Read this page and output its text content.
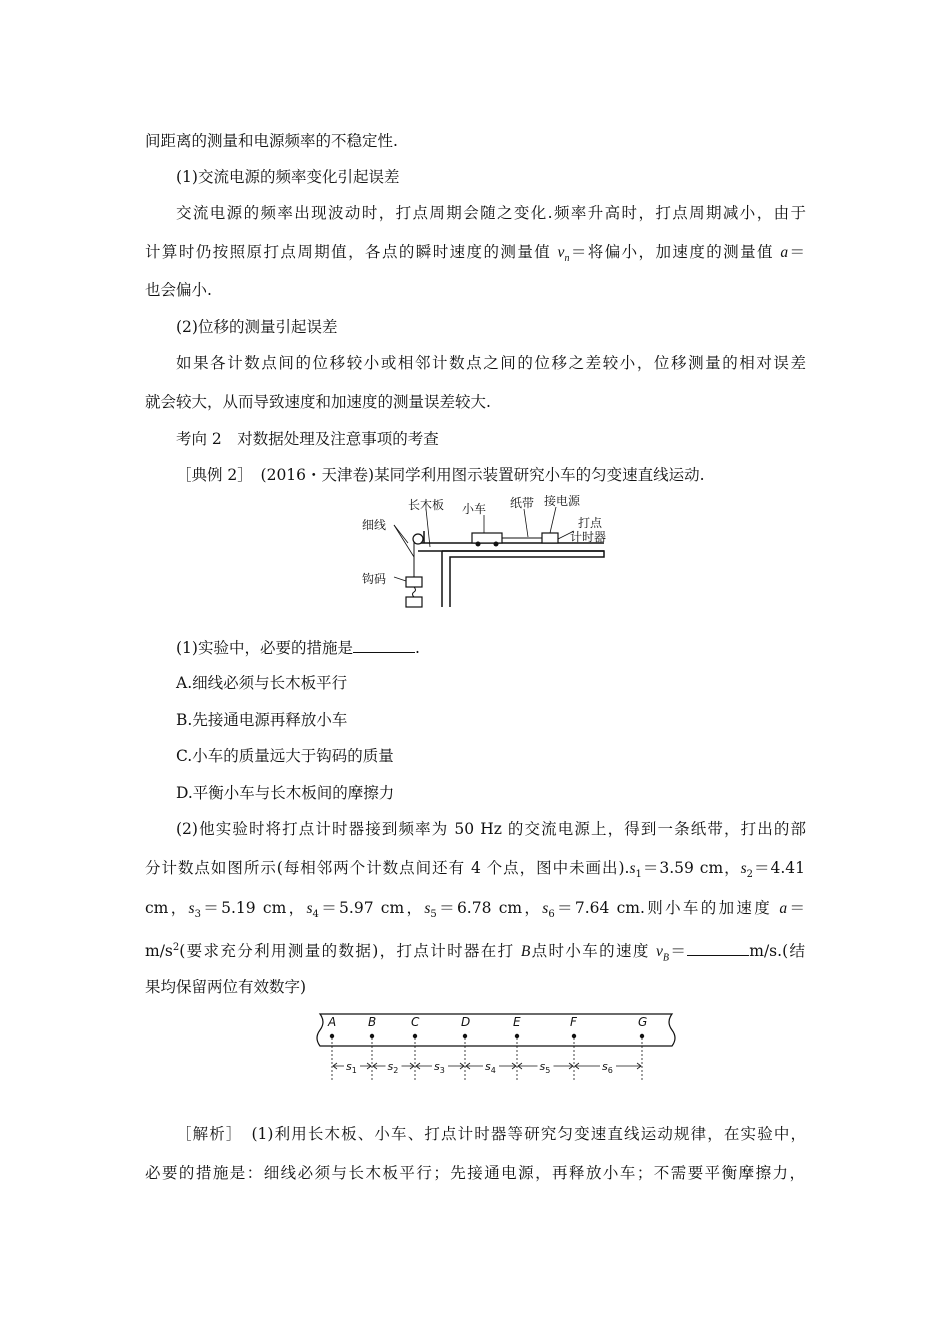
间距离的测量和电源频率的不稳定性.
(1)交流电源的频率变化引起误差
交流电源的频率出现波动时，打点周期会随之变化.频率升高时，打点周期减小，由于
计算时仍按照原打点周期值，各点的瞬时速度的测量值 $v_n=$将偏小，加速度的测量值 a＝
也会偏小.
(2)位移的测量引起误差
如果各计数点间的位移较小或相邻计数点之间的位移之差较小，位移测量的相对误差
就会较大，从而导致速度和加速度的测量误差较大.
考向 2　对数据处理及注意事项的考查
［典例 2］　(2016・天津卷)某同学利用图示装置研究小车的匀变速直线运动.
长木板 小车 纸带 接电源
打点
计时器
细线
钩码
(1)实验中，必要的措施是	.
A.细线必须与长木板平行
B.先接通电源再释放小车
C.小车的质量远大于钩码的质量
D.平衡小车与长木板间的摩擦力
(2)他实验时将打点计时器接到频率为 50 Hz 的交流电源上，得到一条纸带，打出的部
分计数点如图所示(每相邻两个计数点间还有 4 个点，图中未画出)$.s_1=3.59$ cm，$s_2=4.41$
cm，$s_3=5.19$ cm，$s_4=5.97$ cm，$s_5=6.78$ cm，$s_6=7.64$ cm.则小车的加速度 a＝
$m/s^2$(要求充分利用测量的数据)，打点计时器在打 B点时小车的速度 $v_B=$	m/s.(结
果均保留两位有效数字)
A	B	C	D	E	F	G
$s_1$	$s_2$	$s_3$	$s_4$	$s_5$	$s_6$
［解析］　(1)利用长木板、小车、打点计时器等研究匀变速直线运动规律，在实验中，
必要的措施是：细线必须与长木板平行；先接通电源，再释放小车；不需要平衡摩擦力，
